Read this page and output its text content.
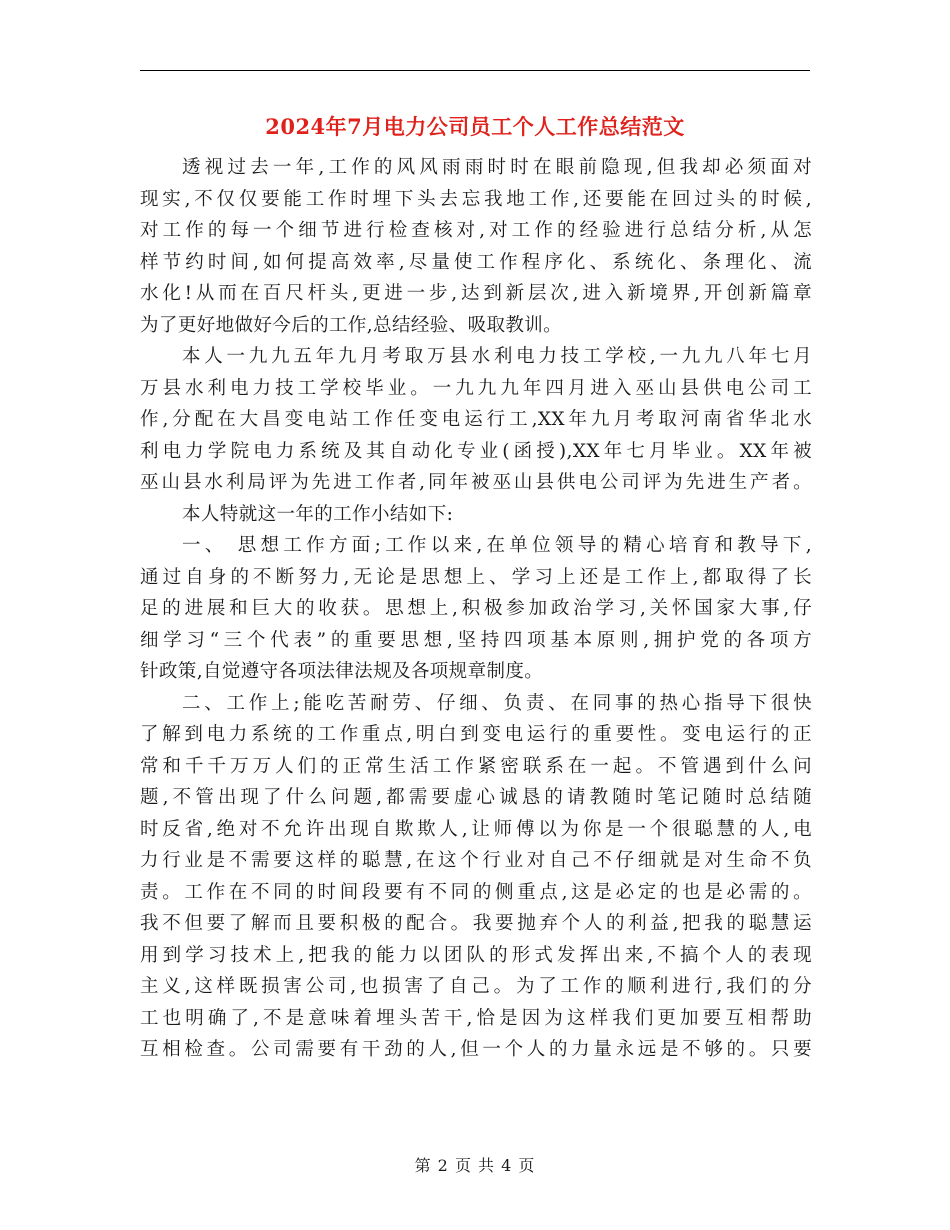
2024年7月电力公司员工个人工作总结范文
透视过去一年,工作的风风雨雨时时在眼前隐现,但我却必须面对
现实,不仅仅要能工作时埋下头去忘我地工作,还要能在回过头的时候,
对工作的每一个细节进行检查核对,对工作的经验进行总结分析,从怎
样节约时间,如何提高效率,尽量使工作程序化、系统化、条理化、流
水化!从而在百尺杆头,更进一步,达到新层次,进入新境界,开创新篇章
为了更好地做好今后的工作,总结经验、吸取教训。
本人一九九五年九月考取万县水利电力技工学校,一九九八年七月
万县水利电力技工学校毕业。一九九九年四月进入巫山县供电公司工
作,分配在大昌变电站工作任变电运行工,XX年九月考取河南省华北水
利电力学院电力系统及其自动化专业(函授),XX年七月毕业。XX年被
巫山县水利局评为先进工作者,同年被巫山县供电公司评为先进生产者。
本人特就这一年的工作小结如下:
一、 思想工作方面;工作以来,在单位领导的精心培育和教导下,
通过自身的不断努力,无论是思想上、学习上还是工作上,都取得了长
足的进展和巨大的收获。思想上,积极参加政治学习,关怀国家大事,仔
细学习“三个代表”的重要思想,坚持四项基本原则,拥护党的各项方
针政策,自觉遵守各项法律法规及各项规章制度。
二、工作上;能吃苦耐劳、仔细、负责、在同事的热心指导下很快
了解到电力系统的工作重点,明白到变电运行的重要性。变电运行的正
常和千千万万人们的正常生活工作紧密联系在一起。不管遇到什么问
题,不管出现了什么问题,都需要虚心诚恳的请教随时笔记随时总结随
时反省,绝对不允许出现自欺欺人,让师傅以为你是一个很聪慧的人,电
力行业是不需要这样的聪慧,在这个行业对自己不仔细就是对生命不负
责。工作在不同的时间段要有不同的侧重点,这是必定的也是必需的。
我不但要了解而且要积极的配合。我要抛弃个人的利益,把我的聪慧运
用到学习技术上,把我的能力以团队的形式发挥出来,不搞个人的表现
主义,这样既损害公司,也损害了自己。为了工作的顺利进行,我们的分
工也明确了,不是意味着埋头苦干,恰是因为这样我们更加要互相帮助
互相检查。公司需要有干劲的人,但一个人的力量永远是不够的。只要
第 2 页 共 4 页
